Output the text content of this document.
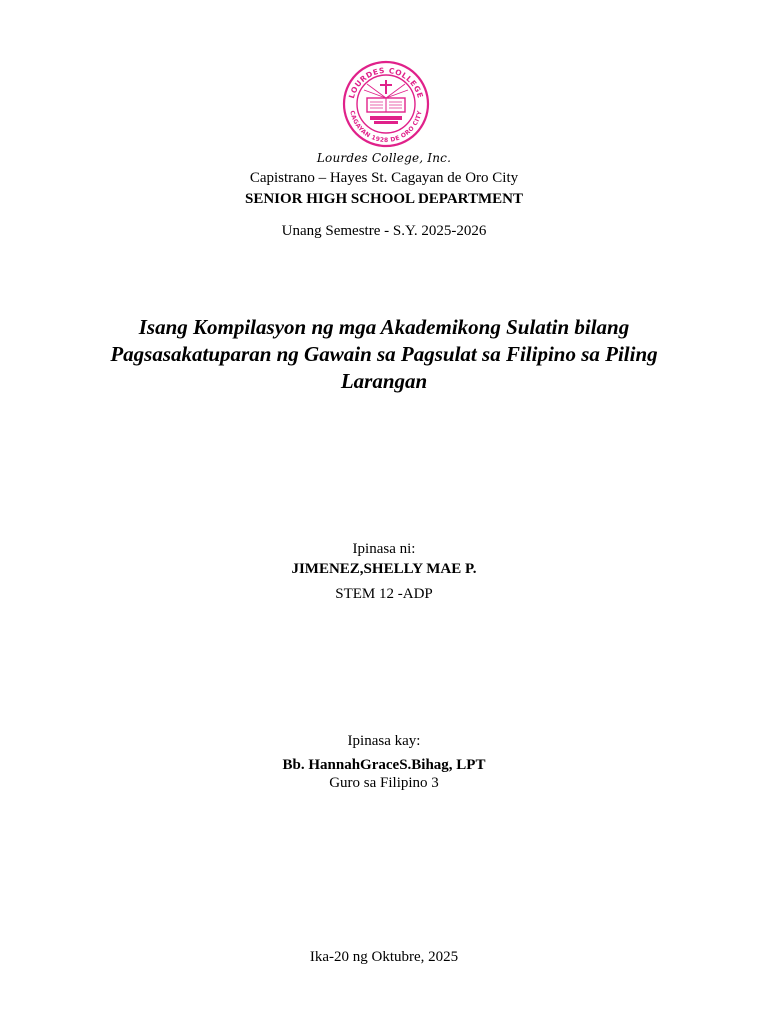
LOURDES COLLEGE
CAGAYAN 1928 DE ORO CITY
Lourdes College, Inc.
Capistrano – Hayes St. Cagayan de Oro City
SENIOR HIGH SCHOOL DEPARTMENT
Unang Semestre - S.Y. 2025-2026
Isang Kompilasyon ng mga Akademikong Sulatin bilang
Pagsasakatuparan ng Gawain sa Pagsulat sa Filipino sa Piling
Larangan
Ipinasa ni:
JIMENEZ,SHELLY MAE P.
STEM 12 -ADP
Ipinasa kay:
Bb. HannahGraceS.Bihag, LPT
Guro sa Filipino 3
Ika-20 ng Oktubre, 2025
